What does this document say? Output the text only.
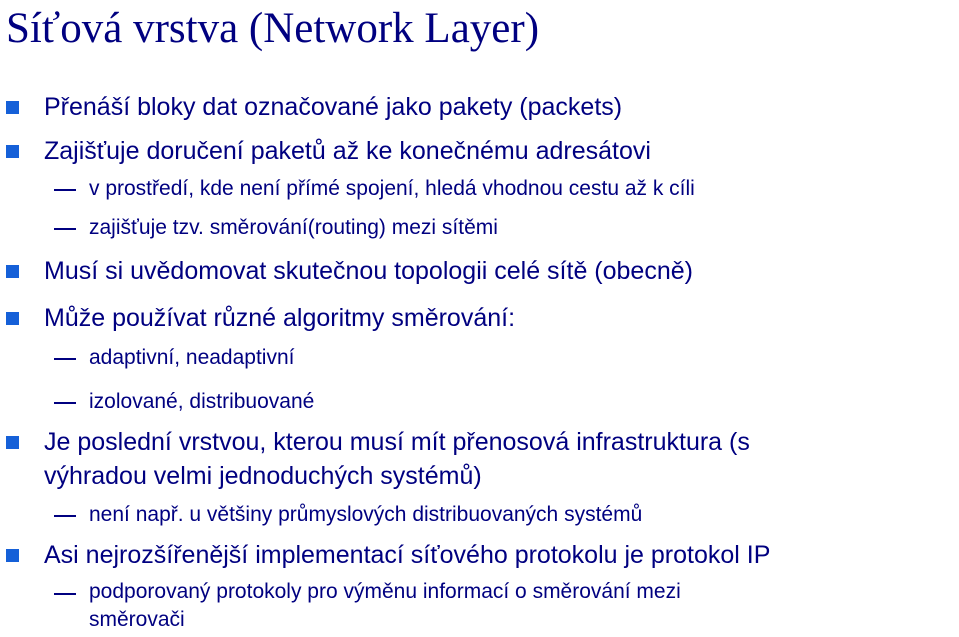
Síťová vrstva (Network Layer)
Přenáší bloky dat označované jako pakety (packets)
Zajišťuje doručení paketů až ke konečnému adresátovi
v prostředí, kde není přímé spojení, hledá vhodnou cestu až k cíli
zajišťuje tzv. směrování(routing) mezi sítěmi
Musí si uvědomovat skutečnou topologii celé sítě (obecně)
Může používat různé algoritmy směrování:
adaptivní, neadaptivní
izolované, distribuované
Je poslední vrstvou, kterou musí mít přenosová infrastruktura (s
výhradou velmi jednoduchých systémů)
není např. u většiny průmyslových distribuovaných systémů
Asi nejrozšířenější implementací síťového protokolu je protokol IP
podporovaný protokoly pro výměnu informací o směrování mezi
směrovači
